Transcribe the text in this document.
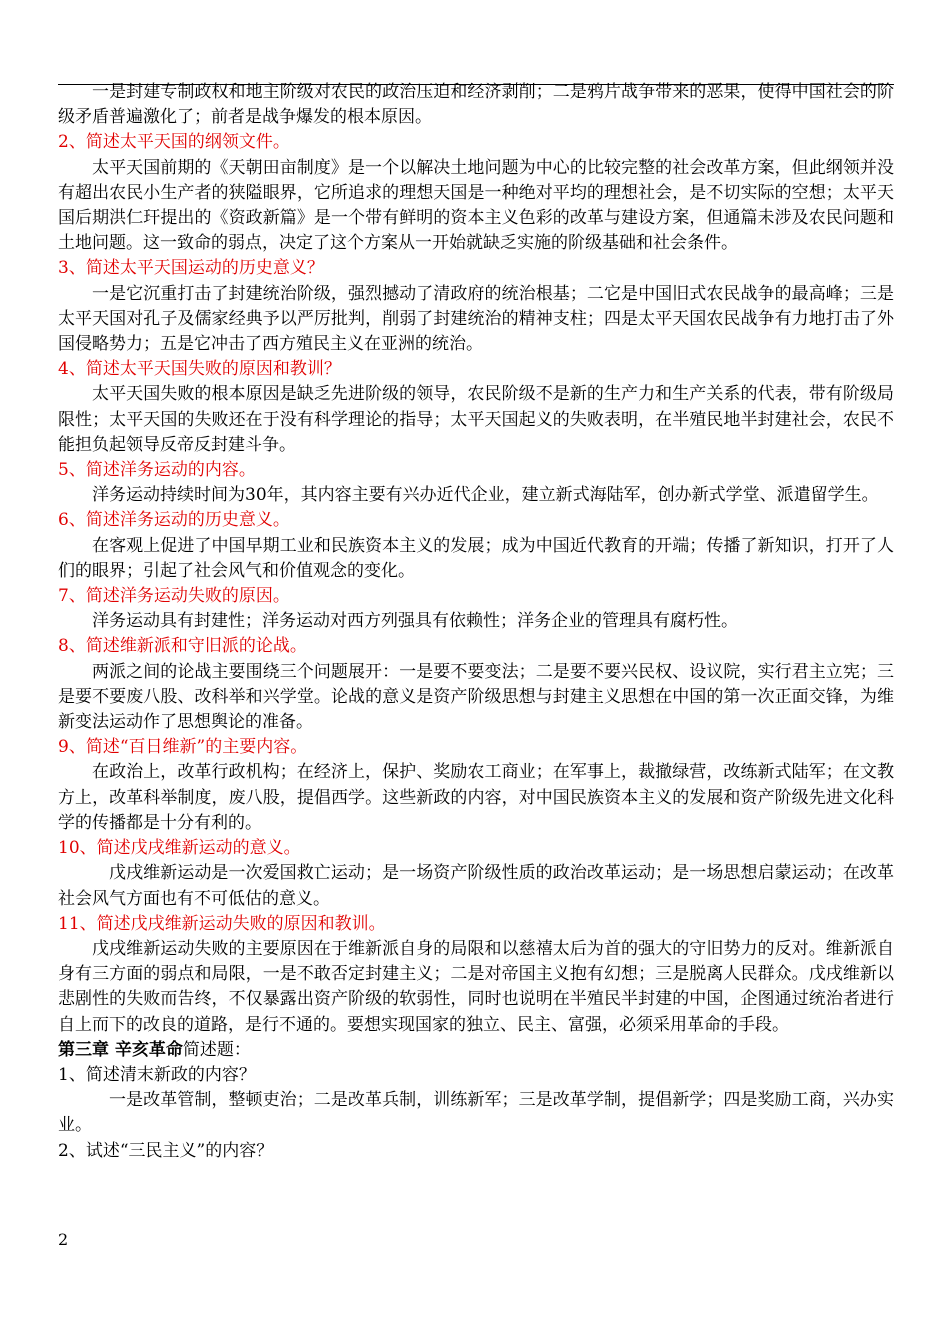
一是封建专制政权和地主阶级对农民的政治压迫和经济剥削；二是鸦片战争带来的恶果，使得中国社会的阶级矛盾普遍激化了；前者是战争爆发的根本原因。

2、简述太平天国的纲领文件。

太平天国前期的《天朝田亩制度》是一个以解决土地问题为中心的比较完整的社会改革方案，但此纲领并没有超出农民小生产者的狭隘眼界，它所追求的理想天国是一种绝对平均的理想社会，是不切实际的空想；太平天国后期洪仁玕提出的《资政新篇》是一个带有鲜明的资本主义色彩的改革与建设方案，但通篇未涉及农民问题和土地问题。这一致命的弱点，决定了这个方案从一开始就缺乏实施的阶级基础和社会条件。

3、简述太平天国运动的历史意义？

一是它沉重打击了封建统治阶级，强烈撼动了清政府的统治根基；二它是中国旧式农民战争的最高峰；三是太平天国对孔子及儒家经典予以严厉批判，削弱了封建统治的精神支柱；四是太平天国农民战争有力地打击了外国侵略势力；五是它冲击了西方殖民主义在亚洲的统治。

4、简述太平天国失败的原因和教训？

太平天国失败的根本原因是缺乏先进阶级的领导，农民阶级不是新的生产力和生产关系的代表，带有阶级局限性；太平天国的失败还在于没有科学理论的指导；太平天国起义的失败表明，在半殖民地半封建社会，农民不能担负起领导反帝反封建斗争。

5、简述洋务运动的内容。

洋务运动持续时间为30年，其内容主要有兴办近代企业，建立新式海陆军，创办新式学堂、派遣留学生。

6、简述洋务运动的历史意义。

在客观上促进了中国早期工业和民族资本主义的发展；成为中国近代教育的开端；传播了新知识，打开了人们的眼界；引起了社会风气和价值观念的变化。

7、简述洋务运动失败的原因。

洋务运动具有封建性；洋务运动对西方列强具有依赖性；洋务企业的管理具有腐朽性。

8、简述维新派和守旧派的论战。

两派之间的论战主要围绕三个问题展开：一是要不要变法；二是要不要兴民权、设议院，实行君主立宪；三是要不要废八股、改科举和兴学堂。论战的意义是资产阶级思想与封建主义思想在中国的第一次正面交锋，为维新变法运动作了思想舆论的准备。

9、简述“百日维新”的主要内容。

在政治上，改革行政机构；在经济上，保护、奖励农工商业；在军事上，裁撤绿营，改练新式陆军；在文教方上，改革科举制度，废八股，提倡西学。这些新政的内容，对中国民族资本主义的发展和资产阶级先进文化科学的传播都是十分有利的。

10、简述戊戌维新运动的意义。

戊戌维新运动是一次爱国救亡运动；是一场资产阶级性质的政治改革运动；是一场思想启蒙运动；在改革社会风气方面也有不可低估的意义。

11、简述戊戌维新运动失败的原因和教训。

戊戌维新运动失败的主要原因在于维新派自身的局限和以慈禧太后为首的强大的守旧势力的反对。维新派自身有三方面的弱点和局限，一是不敢否定封建主义；二是对帝国主义抱有幻想；三是脱离人民群众。戊戌维新以悲剧性的失败而告终，不仅暴露出资产阶级的软弱性，同时也说明在半殖民半封建的中国，企图通过统治者进行自上而下的改良的道路，是行不通的。要想实现国家的独立、民主、富强，必须采用革命的手段。

第三章 辛亥革命简述题：

1、简述清末新政的内容？

一是改革管制，整顿吏治；二是改革兵制，训练新军；三是改革学制，提倡新学；四是奖励工商，兴办实业。

2、试述“三民主义”的内容？

2
